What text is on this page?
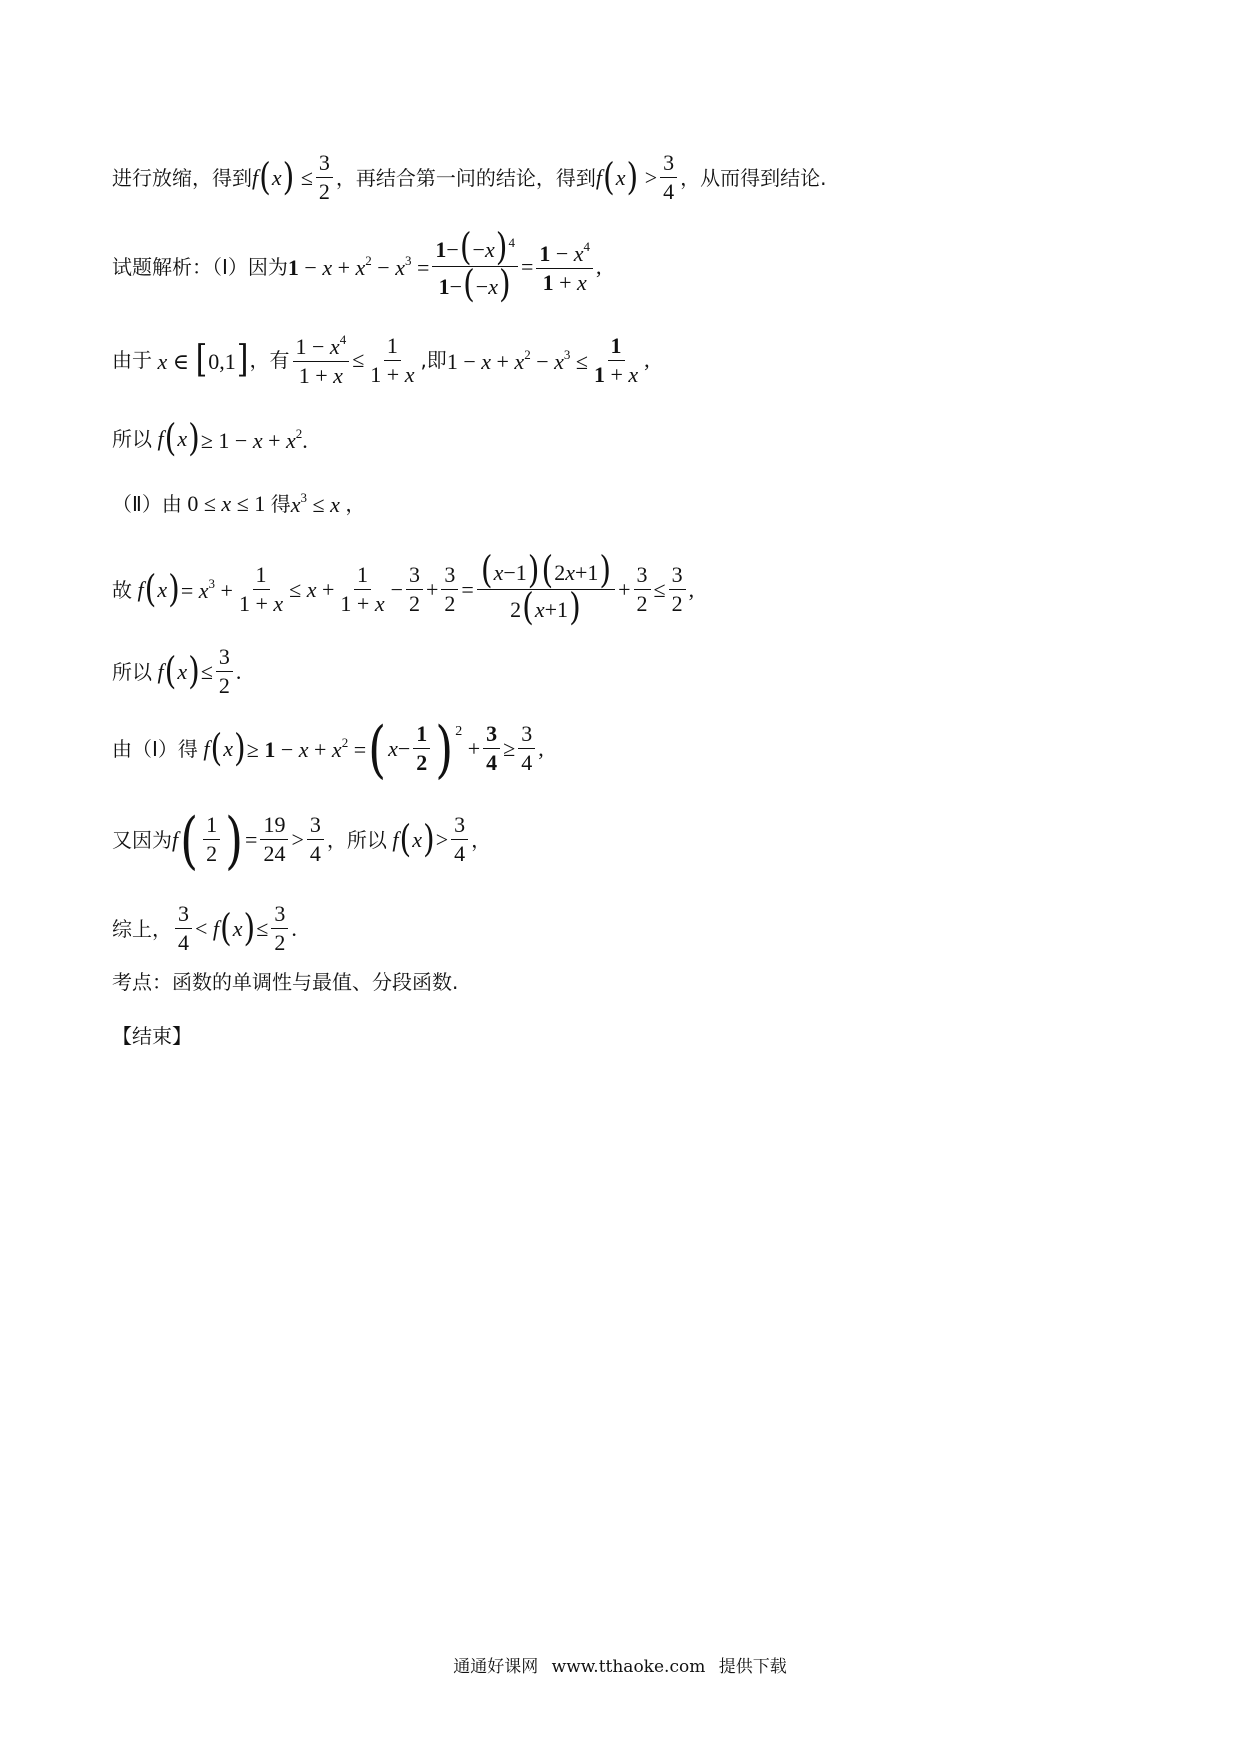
进行放缩，得到 f ( x ) ≤ $\frac{3}{2}$ ，再结合第一问的结论，得到 f ( x ) > $\frac{3}{4}$ ，从而得到结论.
试题解析：（Ⅰ）因为 $1 - x + x^2 - x^3 = \frac{1-(-x)^4}{1-(-x)} = \frac{1 - x^4}{1 + x}$ ,
由于 x ∈ [0,1] ，有 $\frac{1 - x^4}{1 + x} \le \frac{1}{1 + x}$ ,即 $1 - x + x^2 - x^3 \le \frac{1}{1 + x}$ ,
所以 f ( x ) ≥ $1 - x + x^2$.
（Ⅱ）由 0 ≤ x ≤ 1 得 $x^3 \le x$ ，
故 f ( x ) = $x^3 + \frac{1}{1 + x} \le x + \frac{1}{1 + x} - \frac{3}{2} + \frac{3}{2} = \frac{(x-1)(2x+1)}{2(x+1)} + \frac{3}{2} \le \frac{3}{2}$ ,
所以 f ( x ) ≤ $\frac{3}{2}$ .
由（Ⅰ）得 f ( x ) ≥ $1 - x + x^2$ = ( $x - \frac{1}{2}$ ) 2
+ $\frac{3}{4} \ge \frac{3}{4}$ ,
又因为 f ( $\frac{1}{2}$ ) = $\frac{19}{24} > \frac{3}{4}$ ，所以 f ( x ) > $\frac{3}{4}$ ，
综上， $\frac{3}{4} < f$ ( x ) ≤ $\frac{3}{2}$ .
考点：函数的单调性与最值、分段函数.
【结束】
通通好课网 www.tthaoke.com 提供下载
